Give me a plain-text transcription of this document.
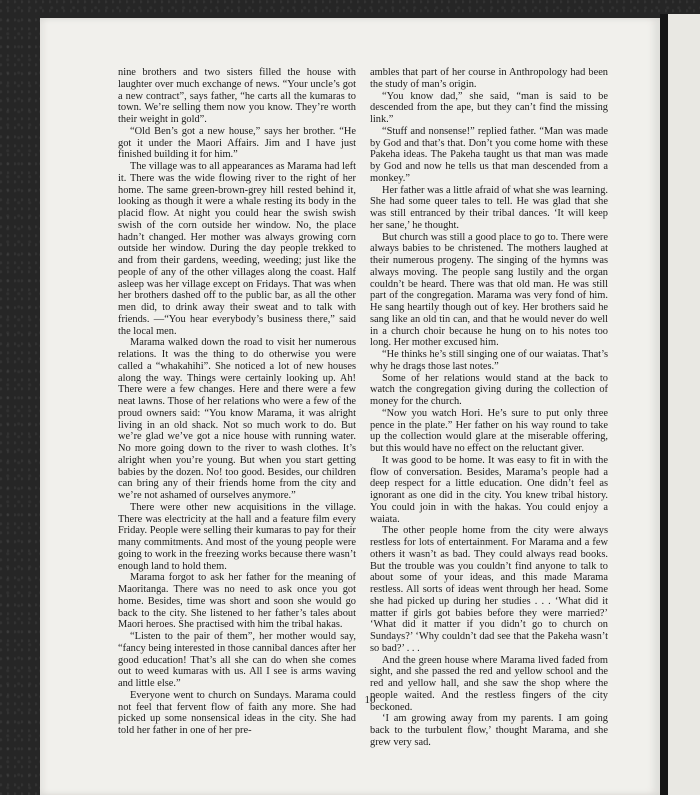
nine brothers and two sisters filled the house with laughter over much exchange of news. “Your uncle’s got a new contract”, says father, “he carts all the kumaras to town. We’re selling them now you know. They’re worth their weight in gold”.

“Old Ben’s got a new house,” says her brother. “He got it under the Maori Affairs. Jim and I have just finished building it for him.”

The village was to all appearances as Marama had left it. There was the wide flowing river to the right of her home. The same green-brown-grey hill rested behind it, looking as though it were a whale resting its body in the placid flow. At night you could hear the swish swish swish of the corn outside her window. No, the place hadn’t changed. Her mother was always growing corn outside her window. During the day people trekked to and from their gardens, weeding, weeding; just like the people of any of the other villages along the coast. Half asleep was her village except on Fridays. That was when her brothers dashed off to the public bar, as all the other men did, to drink away their sweat and to talk with friends. —“You hear everybody’s business there,” said the local men.

Marama walked down the road to visit her numerous relations. It was the thing to do otherwise you were called a “whakahihi”. She noticed a lot of new houses along the way. Things were certainly looking up. Ah! There were a few changes. Here and there were a few neat lawns. Those of her relations who were a few of the proud owners said: “You know Marama, it was alright living in an old shack. Not so much work to do. But we’re glad we’ve got a nice house with running water. No more going down to the river to wash clothes. It’s alright when you’re young. But when you start getting babies by the dozen. No! too good. Besides, our children can bring any of their friends home from the city and we’re not ashamed of ourselves anymore.”

There were other new acquisitions in the village. There was electricity at the hall and a feature film every Friday. People were selling their kumaras to pay for their many commitments. And most of the young people were going to work in the freezing works because there wasn’t enough land to hold them.

Marama forgot to ask her father for the meaning of Maoritanga. There was no need to ask once you got home. Besides, time was short and soon she would go back to the city. She listened to her father’s tales about Maori heroes. She practised with him the tribal hakas.

“Listen to the pair of them”, her mother would say, “fancy being interested in those cannibal dances after her good education! That’s all she can do when she comes out to weed kumaras with us. All I see is arms waving and little else.”

Everyone went to church on Sundays. Marama could not feel that fervent flow of faith any more. She had picked up some nonsensical ideas in the city. She had told her father in one of her pre-

ambles that part of her course in Anthropology had been the study of man’s origin.

“You know dad,” she said, “man is said to be descended from the ape, but they can’t find the missing link.”

“Stuff and nonsense!” replied father. “Man was made by God and that’s that. Don’t you come home with these Pakeha ideas. The Pakeha taught us that man was made by God and now he tells us that man descended from a monkey.”

Her father was a little afraid of what she was learning. She had some queer tales to tell. He was glad that she was still entranced by their tribal dances. ‘It will keep her sane,’ he thought.

But church was still a good place to go to. There were always babies to be christened. The mothers laughed at their numerous progeny. The singing of the hymns was always moving. The people sang lustily and the organ couldn’t be heard. There was that old man. He was still part of the congregation. Marama was very fond of him. He sang heartily though out of key. Her brothers said he sang like an old tin can, and that he would never do well in a church choir because he hung on to his notes too long. Her mother excused him.

“He thinks he’s still singing one of our waiatas. That’s why he drags those last notes.”

Some of her relations would stand at the back to watch the congregation giving during the collection of money for the church.

“Now you watch Hori. He’s sure to put only three pence in the plate.” Her father on his way round to take up the collection would glare at the miserable offering, but this would have no effect on the reluctant giver.

It was good to be home. It was easy to fit in with the flow of conversation. Besides, Marama’s people had a deep respect for a little education. One didn’t feel as ignorant as one did in the city. You knew tribal history. You could join in with the hakas. You could enjoy a waiata.

The other people home from the city were always restless for lots of entertainment. For Marama and a few others it wasn’t as bad. They could always read books. But the trouble was you couldn’t find anyone to talk to about some of your ideas, and this made Marama restless. All sorts of ideas went through her head. Some she had picked up during her studies . . . ‘What did it matter if girls got babies before they were married?’ ‘What did it matter if you didn’t go to church on Sundays?’ ‘Why couldn’t dad see that the Pakeha wasn’t so bad?’ . . .

And the green house where Marama lived faded from sight, and she passed the red and yellow school and the red and yellow hall, and she saw the shop where the people waited. And the restless fingers of the city beckoned.

‘I am growing away from my parents. I am going back to the turbulent flow,’ thought Marama, and she grew very sad.

10
